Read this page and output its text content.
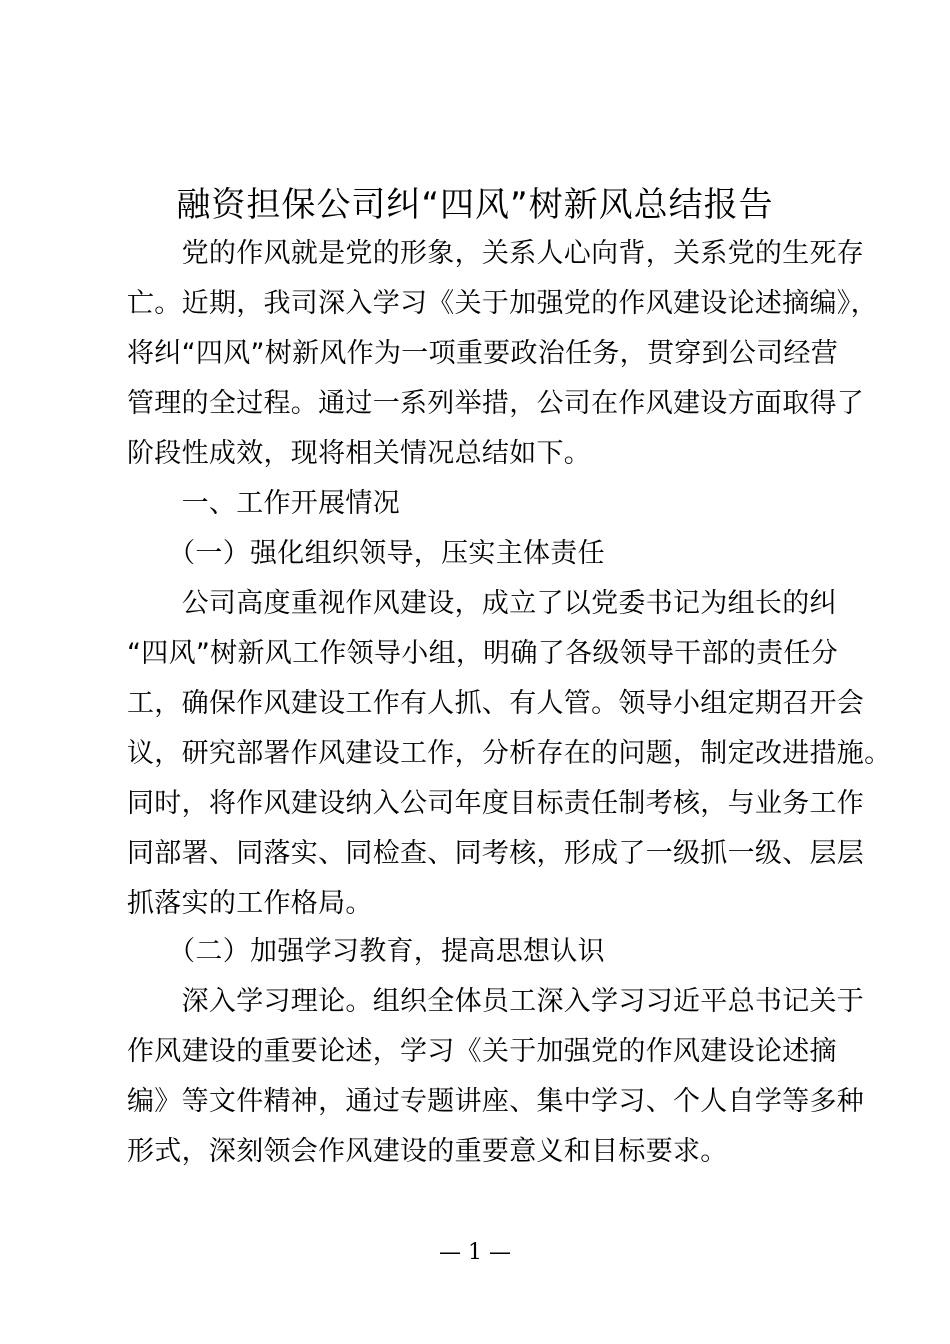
融资担保公司纠“四风”树新风总结报告

　　党的作风就是党的形象，关系人心向背，关系党的生死存

亡。近期，我司深入学习《关于加强党的作风建设论述摘编》，

将纠“四风”树新风作为一项重要政治任务，贯穿到公司经营

管理的全过程。通过一系列举措，公司在作风建设方面取得了

阶段性成效，现将相关情况总结如下。

　　一、工作开展情况

　　（一）强化组织领导，压实主体责任

　　公司高度重视作风建设，成立了以党委书记为组长的纠

“四风”树新风工作领导小组，明确了各级领导干部的责任分

工，确保作风建设工作有人抓、有人管。领导小组定期召开会

议，研究部署作风建设工作，分析存在的问题，制定改进措施。

同时，将作风建设纳入公司年度目标责任制考核，与业务工作

同部署、同落实、同检查、同考核，形成了一级抓一级、层层

抓落实的工作格局。

　　（二）加强学习教育，提高思想认识

　　深入学习理论。组织全体员工深入学习习近平总书记关于

作风建设的重要论述，学习《关于加强党的作风建设论述摘

编》等文件精神，通过专题讲座、集中学习、个人自学等多种

形式，深刻领会作风建设的重要意义和目标要求。

— 1 —
